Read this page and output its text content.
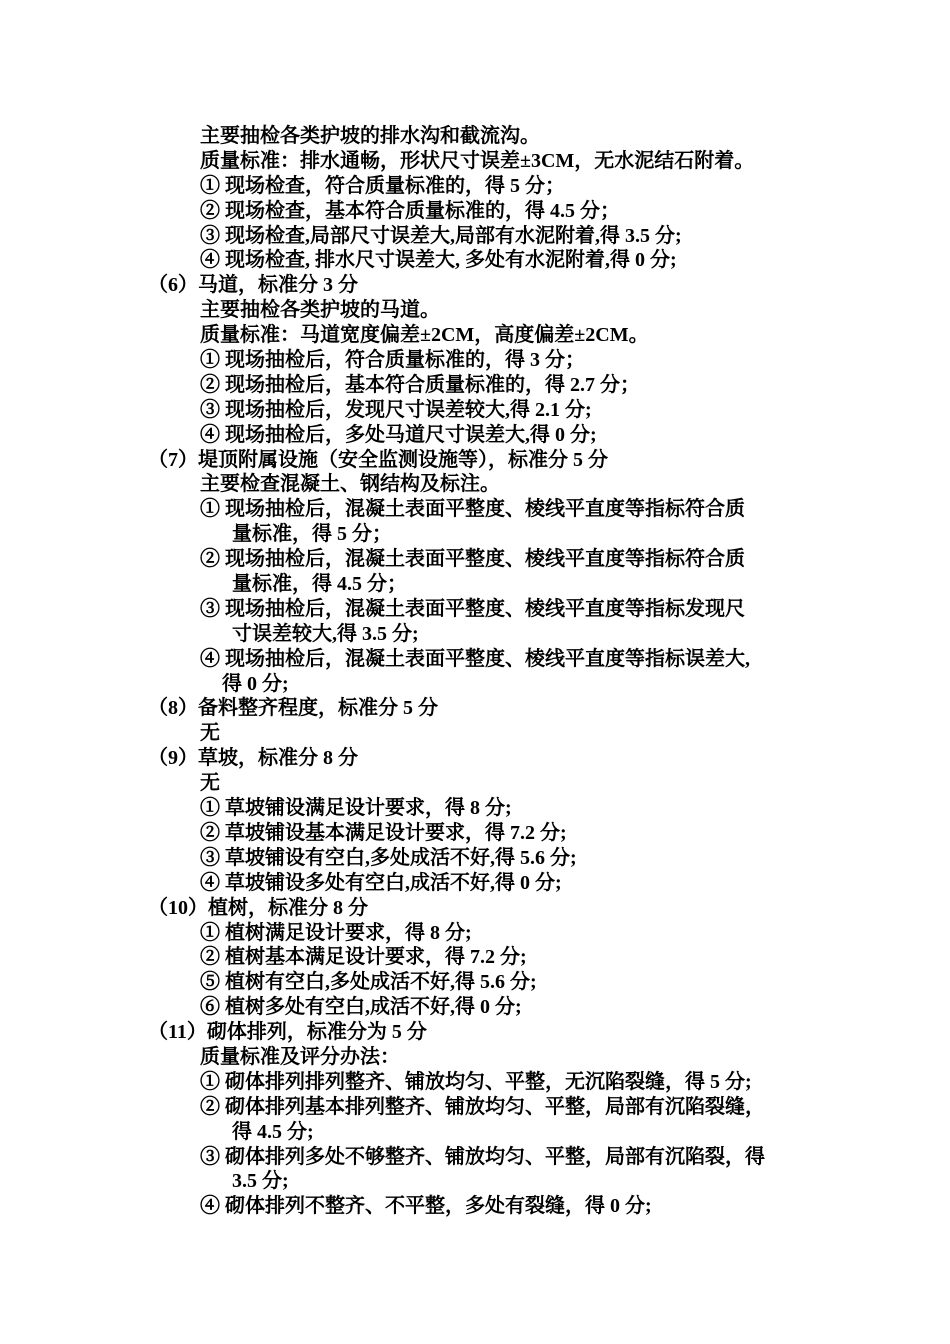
主要抽检各类护坡的排水沟和截流沟。
质量标准：排水通畅，形状尺寸误差±3CM，无水泥结石附着。
① 现场检查，符合质量标准的，得 5 分；
② 现场检查，基本符合质量标准的，得 4.5 分；
③ 现场检查,局部尺寸误差大,局部有水泥附着,得 3.5 分;
④ 现场检查, 排水尺寸误差大, 多处有水泥附着,得 0 分;
（6）马道，标准分 3 分
主要抽检各类护坡的马道。
质量标准：马道宽度偏差±2CM，高度偏差±2CM。
① 现场抽检后，符合质量标准的，得 3 分；
② 现场抽检后，基本符合质量标准的，得 2.7 分；
③ 现场抽检后，发现尺寸误差较大,得 2.1 分;
④ 现场抽检后，多处马道尺寸误差大,得 0 分;
（7）堤顶附属设施（安全监测设施等），标准分 5 分
主要检查混凝土、钢结构及标注。
① 现场抽检后，混凝土表面平整度、棱线平直度等指标符合质
量标准，得 5 分；
② 现场抽检后，混凝土表面平整度、棱线平直度等指标符合质
量标准，得 4.5 分；
③ 现场抽检后，混凝土表面平整度、棱线平直度等指标发现尺
寸误差较大,得 3.5 分;
④ 现场抽检后，混凝土表面平整度、棱线平直度等指标误差大,
得 0 分;
（8）备料整齐程度，标准分 5 分
无
（9）草坡，标准分 8 分
无
① 草坡铺设满足设计要求，得 8 分;
② 草坡铺设基本满足设计要求，得 7.2 分;
③ 草坡铺设有空白,多处成活不好,得 5.6 分;
④ 草坡铺设多处有空白,成活不好,得 0 分;
（10）植树，标准分 8 分
① 植树满足设计要求，得 8 分;
② 植树基本满足设计要求，得 7.2 分;
⑤ 植树有空白,多处成活不好,得 5.6 分;
⑥ 植树多处有空白,成活不好,得 0 分;
（11）砌体排列，标准分为 5 分
质量标准及评分办法：
① 砌体排列排列整齐、铺放均匀、平整，无沉陷裂缝，得 5 分;
② 砌体排列基本排列整齐、铺放均匀、平整，局部有沉陷裂缝，
得 4.5 分;
③ 砌体排列多处不够整齐、铺放均匀、平整，局部有沉陷裂，得
3.5 分;
④ 砌体排列不整齐、不平整，多处有裂缝，得 0 分;
